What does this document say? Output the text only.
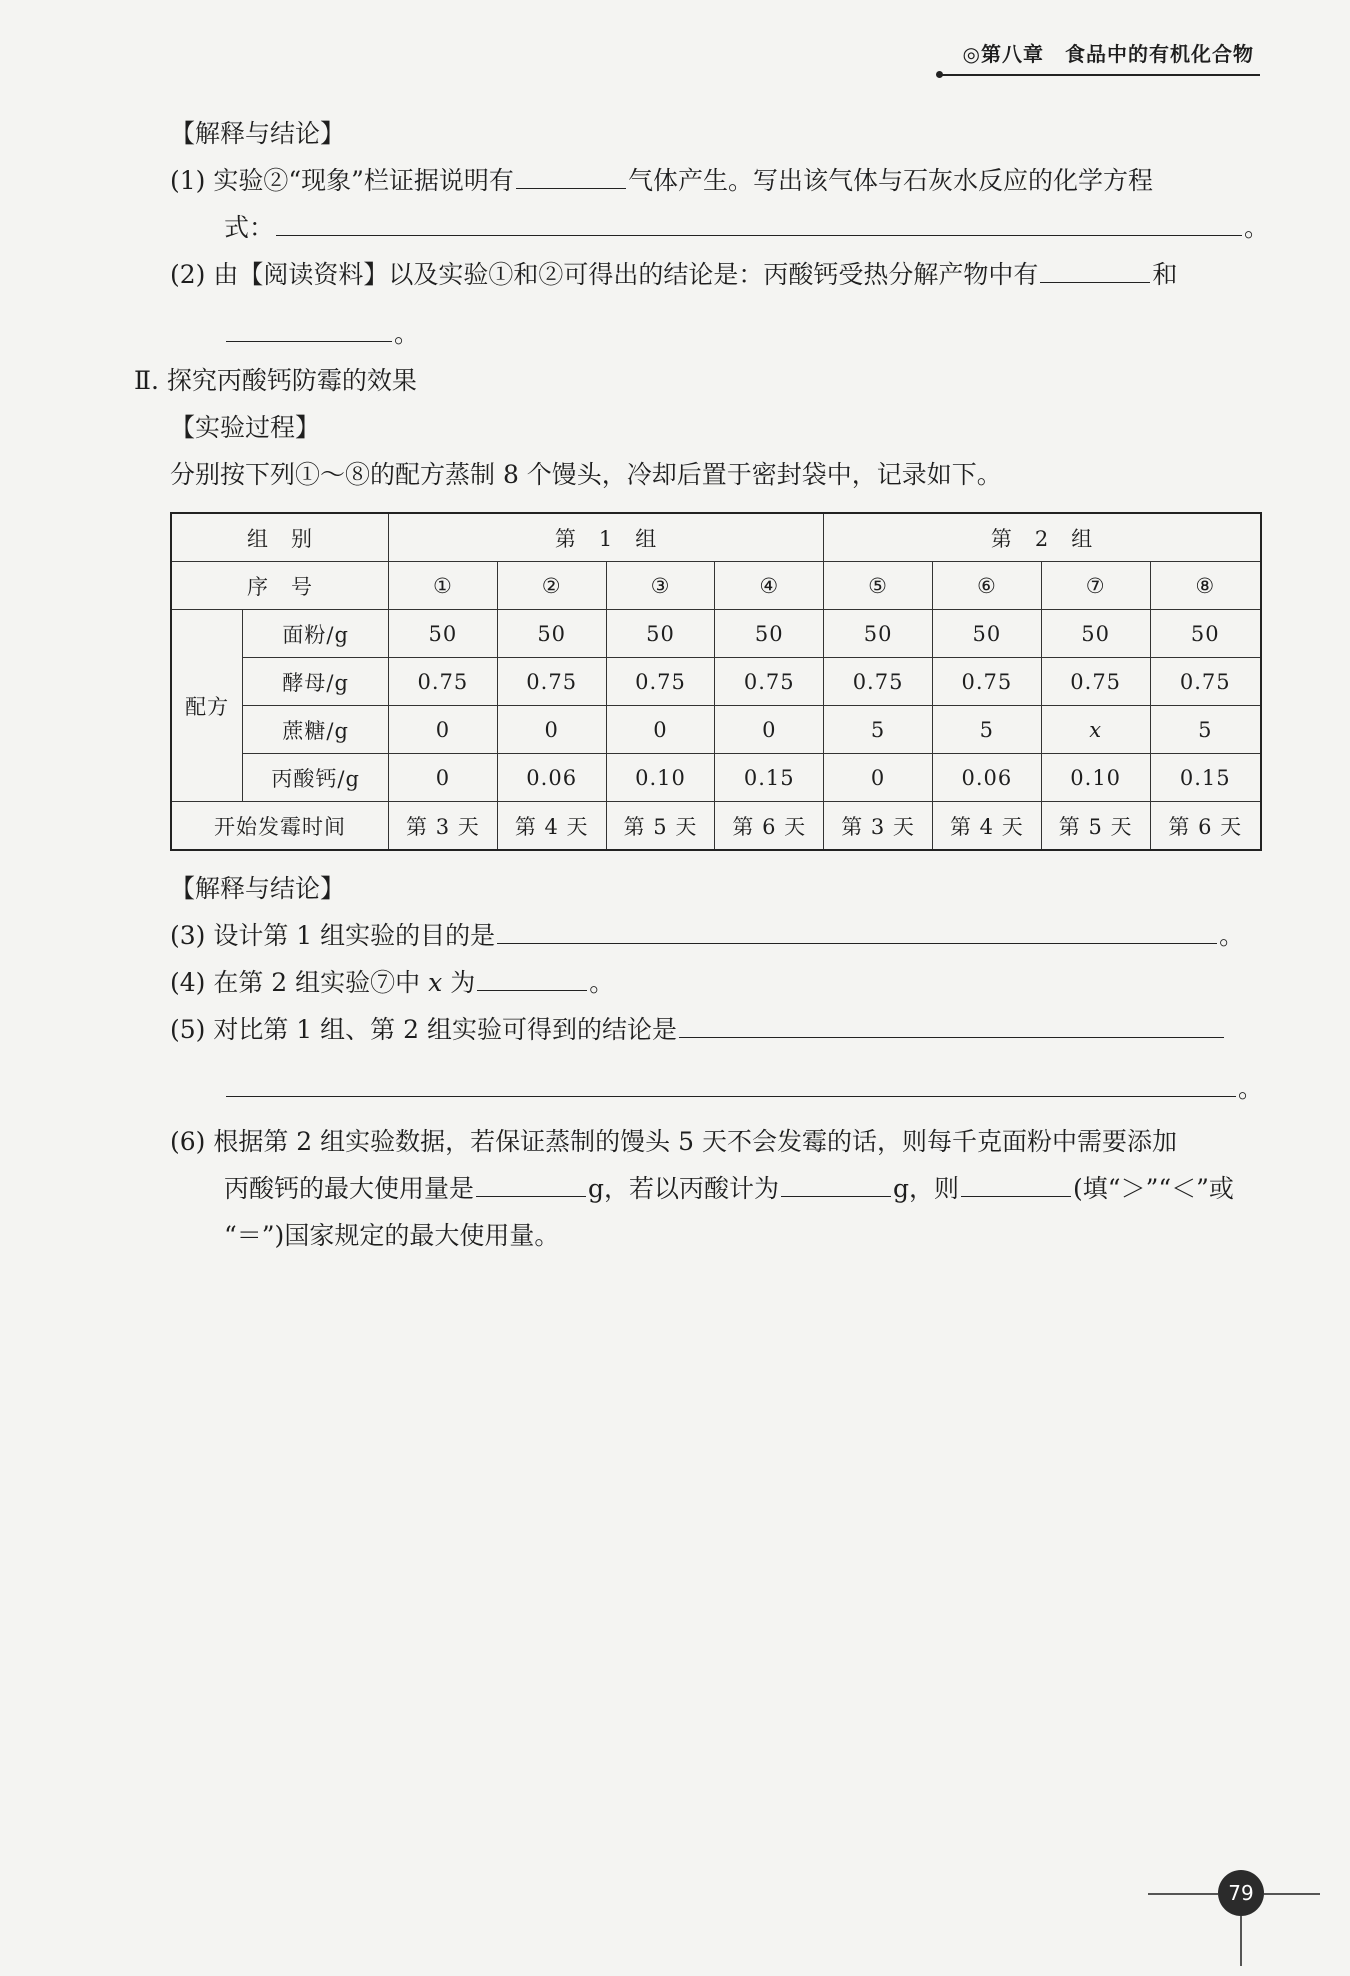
◎第八章　食品中的有机化合物
【解释与结论】
(1) 实验②“现象”栏证据说明有	气体产生。写出该气体与石灰水反应的化学方程
式：	。
(2) 由【阅读资料】以及实验①和②可得出的结论是：丙酸钙受热分解产物中有	和
。
Ⅱ. 探究丙酸钙防霉的效果
【实验过程】
分别按下列①～⑧的配方蒸制 8 个馒头，冷却后置于密封袋中，记录如下。
组　别		第　1　组				第　2　组			
序　号		①	②	③	④	⑤	⑥	⑦	⑧
配方	面粉/g	50	50	50	50	50	50	50	50
	酵母/g	0.75	0.75	0.75	0.75	0.75	0.75	0.75	0.75
	蔗糖/g	0	0	0	0	5	5	x	5
	丙酸钙/g	0	0.06	0.10	0.15	0	0.06	0.10	0.15
开始发霉时间		第 3 天	第 4 天	第 5 天	第 6 天	第 3 天	第 4 天	第 5 天	第 6 天
【解释与结论】
(3) 设计第 1 组实验的目的是	。
(4) 在第 2 组实验⑦中 x 为	。
(5) 对比第 1 组、第 2 组实验可得到的结论是
。
(6) 根据第 2 组实验数据，若保证蒸制的馒头 5 天不会发霉的话，则每千克面粉中需要添加
丙酸钙的最大使用量是	g，若以丙酸计为	g，则	(填“＞”“＜”或
“＝”)国家规定的最大使用量。
79
